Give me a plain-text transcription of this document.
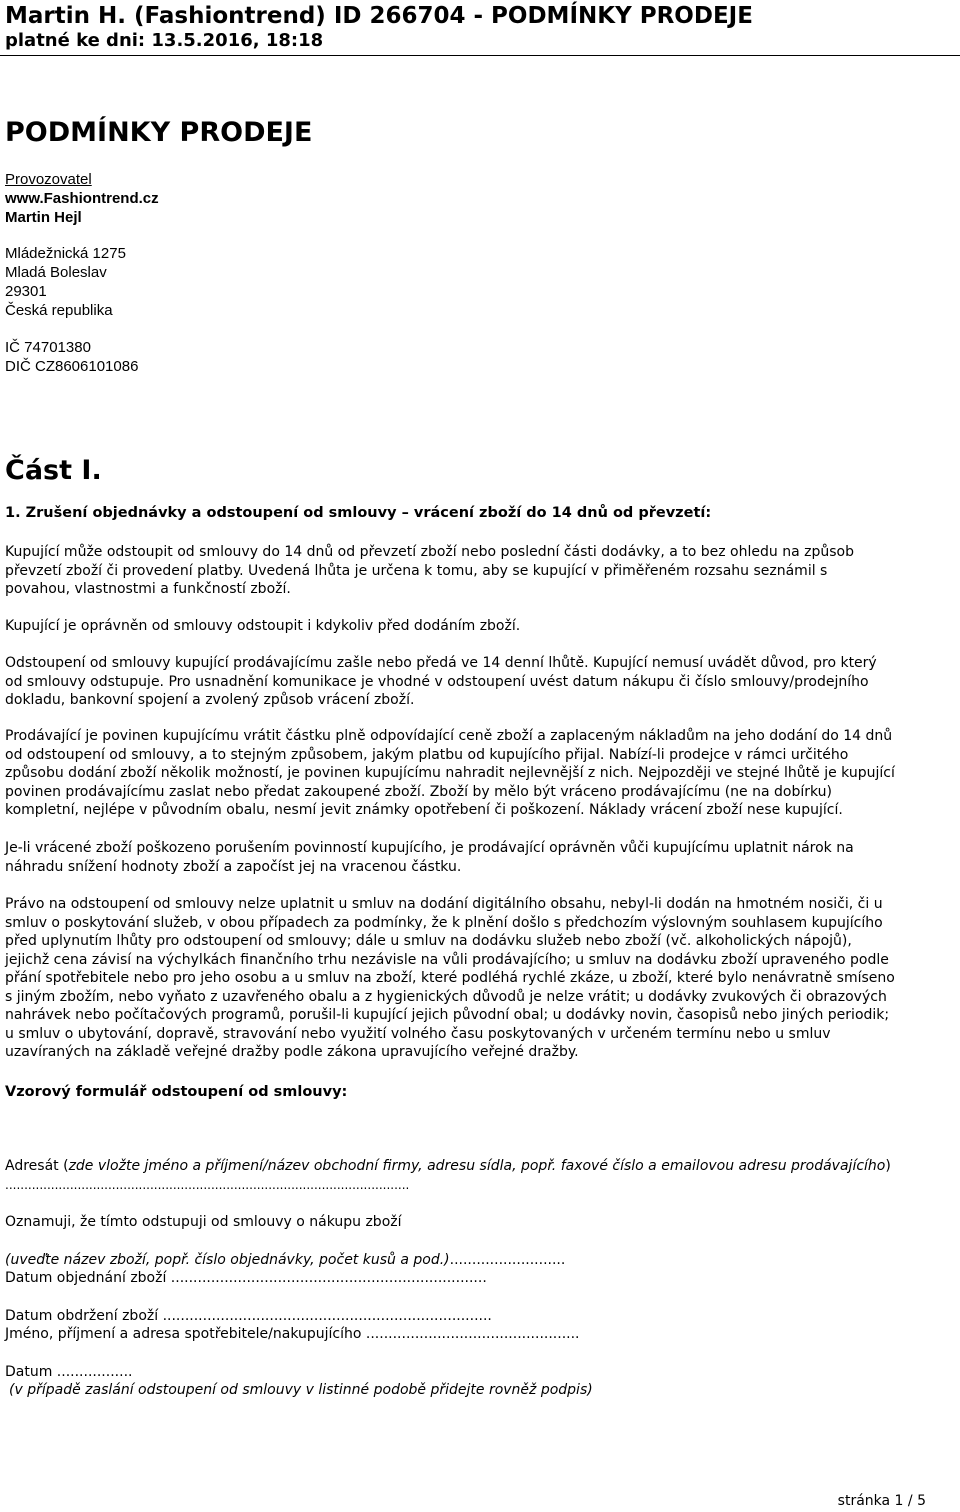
Martin H. (Fashiontrend) ID 266704 - PODMÍNKY PRODEJE
platné ke dni: 13.5.2016, 18:18
PODMÍNKY PRODEJE
Provozovatel
www.Fashiontrend.cz
Martin Hejl
Mládežnická 1275
Mladá Boleslav
29301
Česká republika
IČ 74701380
DIČ CZ8606101086
Část I.
1. Zrušení objednávky a odstoupení od smlouvy – vrácení zboží do 14 dnů od převzetí:
Kupující může odstoupit od smlouvy do 14 dnů od převzetí zboží nebo poslední části dodávky, a to bez ohledu na způsob
převzetí zboží či provedení platby. Uvedená lhůta je určena k tomu, aby se kupující v přiměřeném rozsahu seznámil s
povahou, vlastnostmi a funkčností zboží.
Kupující je oprávněn od smlouvy odstoupit i kdykoliv před dodáním zboží.
Odstoupení od smlouvy kupující prodávajícímu zašle nebo předá ve 14 denní lhůtě. Kupující nemusí uvádět důvod, pro který
od smlouvy odstupuje. Pro usnadnění komunikace je vhodné v odstoupení uvést datum nákupu či číslo smlouvy/prodejního
dokladu, bankovní spojení a zvolený způsob vrácení zboží.
Prodávající je povinen kupujícímu vrátit částku plně odpovídající ceně zboží a zaplaceným nákladům na jeho dodání do 14 dnů
od odstoupení od smlouvy, a to stejným způsobem, jakým platbu od kupujícího přijal. Nabízí-li prodejce v rámci určitého
způsobu dodání zboží několik možností, je povinen kupujícímu nahradit nejlevnější z nich. Nejpozději ve stejné lhůtě je kupující
povinen prodávajícímu zaslat nebo předat zakoupené zboží. Zboží by mělo být vráceno prodávajícímu (ne na dobírku)
kompletní, nejlépe v původním obalu, nesmí jevit známky opotřebení či poškození. Náklady vrácení zboží nese kupující.
Je-li vrácené zboží poškozeno porušením povinností kupujícího, je prodávající oprávněn vůči kupujícímu uplatnit nárok na
náhradu snížení hodnoty zboží a započíst jej na vracenou částku.
Právo na odstoupení od smlouvy nelze uplatnit u smluv na dodání digitálního obsahu, nebyl-li dodán na hmotném nosiči, či u
smluv o poskytování služeb, v obou případech za podmínky, že k plnění došlo s předchozím výslovným souhlasem kupujícího
před uplynutím lhůty pro odstoupení od smlouvy; dále u smluv na dodávku služeb nebo zboží (vč. alkoholických nápojů),
jejichž cena závisí na výchylkách finančního trhu nezávisle na vůli prodávajícího; u smluv na dodávku zboží upraveného podle
přání spotřebitele nebo pro jeho osobu a u smluv na zboží, které podléhá rychlé zkáze, u zboží, které bylo nenávratně smíseno
s jiným zbožím, nebo vyňato z uzavřeného obalu a z hygienických důvodů je nelze vrátit; u dodávky zvukových či obrazových
nahrávek nebo počítačových programů, porušil-li kupující jejich původní obal; u dodávky novin, časopisů nebo jiných periodik;
u smluv o ubytování, dopravě, stravování nebo využití volného času poskytovaných v určeném termínu nebo u smluv
uzavíraných na základě veřejné dražby podle zákona upravujícího veřejné dražby.
Vzorový formulář odstoupení od smlouvy:
Adresát (zde vložte jméno a příjmení/název obchodní firmy, adresu sídla, popř. faxové číslo a emailovou adresu prodávajícího)
..........................................................................................................
Oznamuji, že tímto odstupuji od smlouvy o nákupu zboží
(uveďte název zboží, popř. číslo objednávky, počet kusů a pod.)..........................
Datum objednání zboží .......................................................................
Datum obdržení zboží ..........................................................................
Jméno, příjmení a adresa spotřebitele/nakupujícího ................................................
Datum .................
(v případě zaslání odstoupení od smlouvy v listinné podobě přidejte rovněž podpis)
stránka 1 / 5
